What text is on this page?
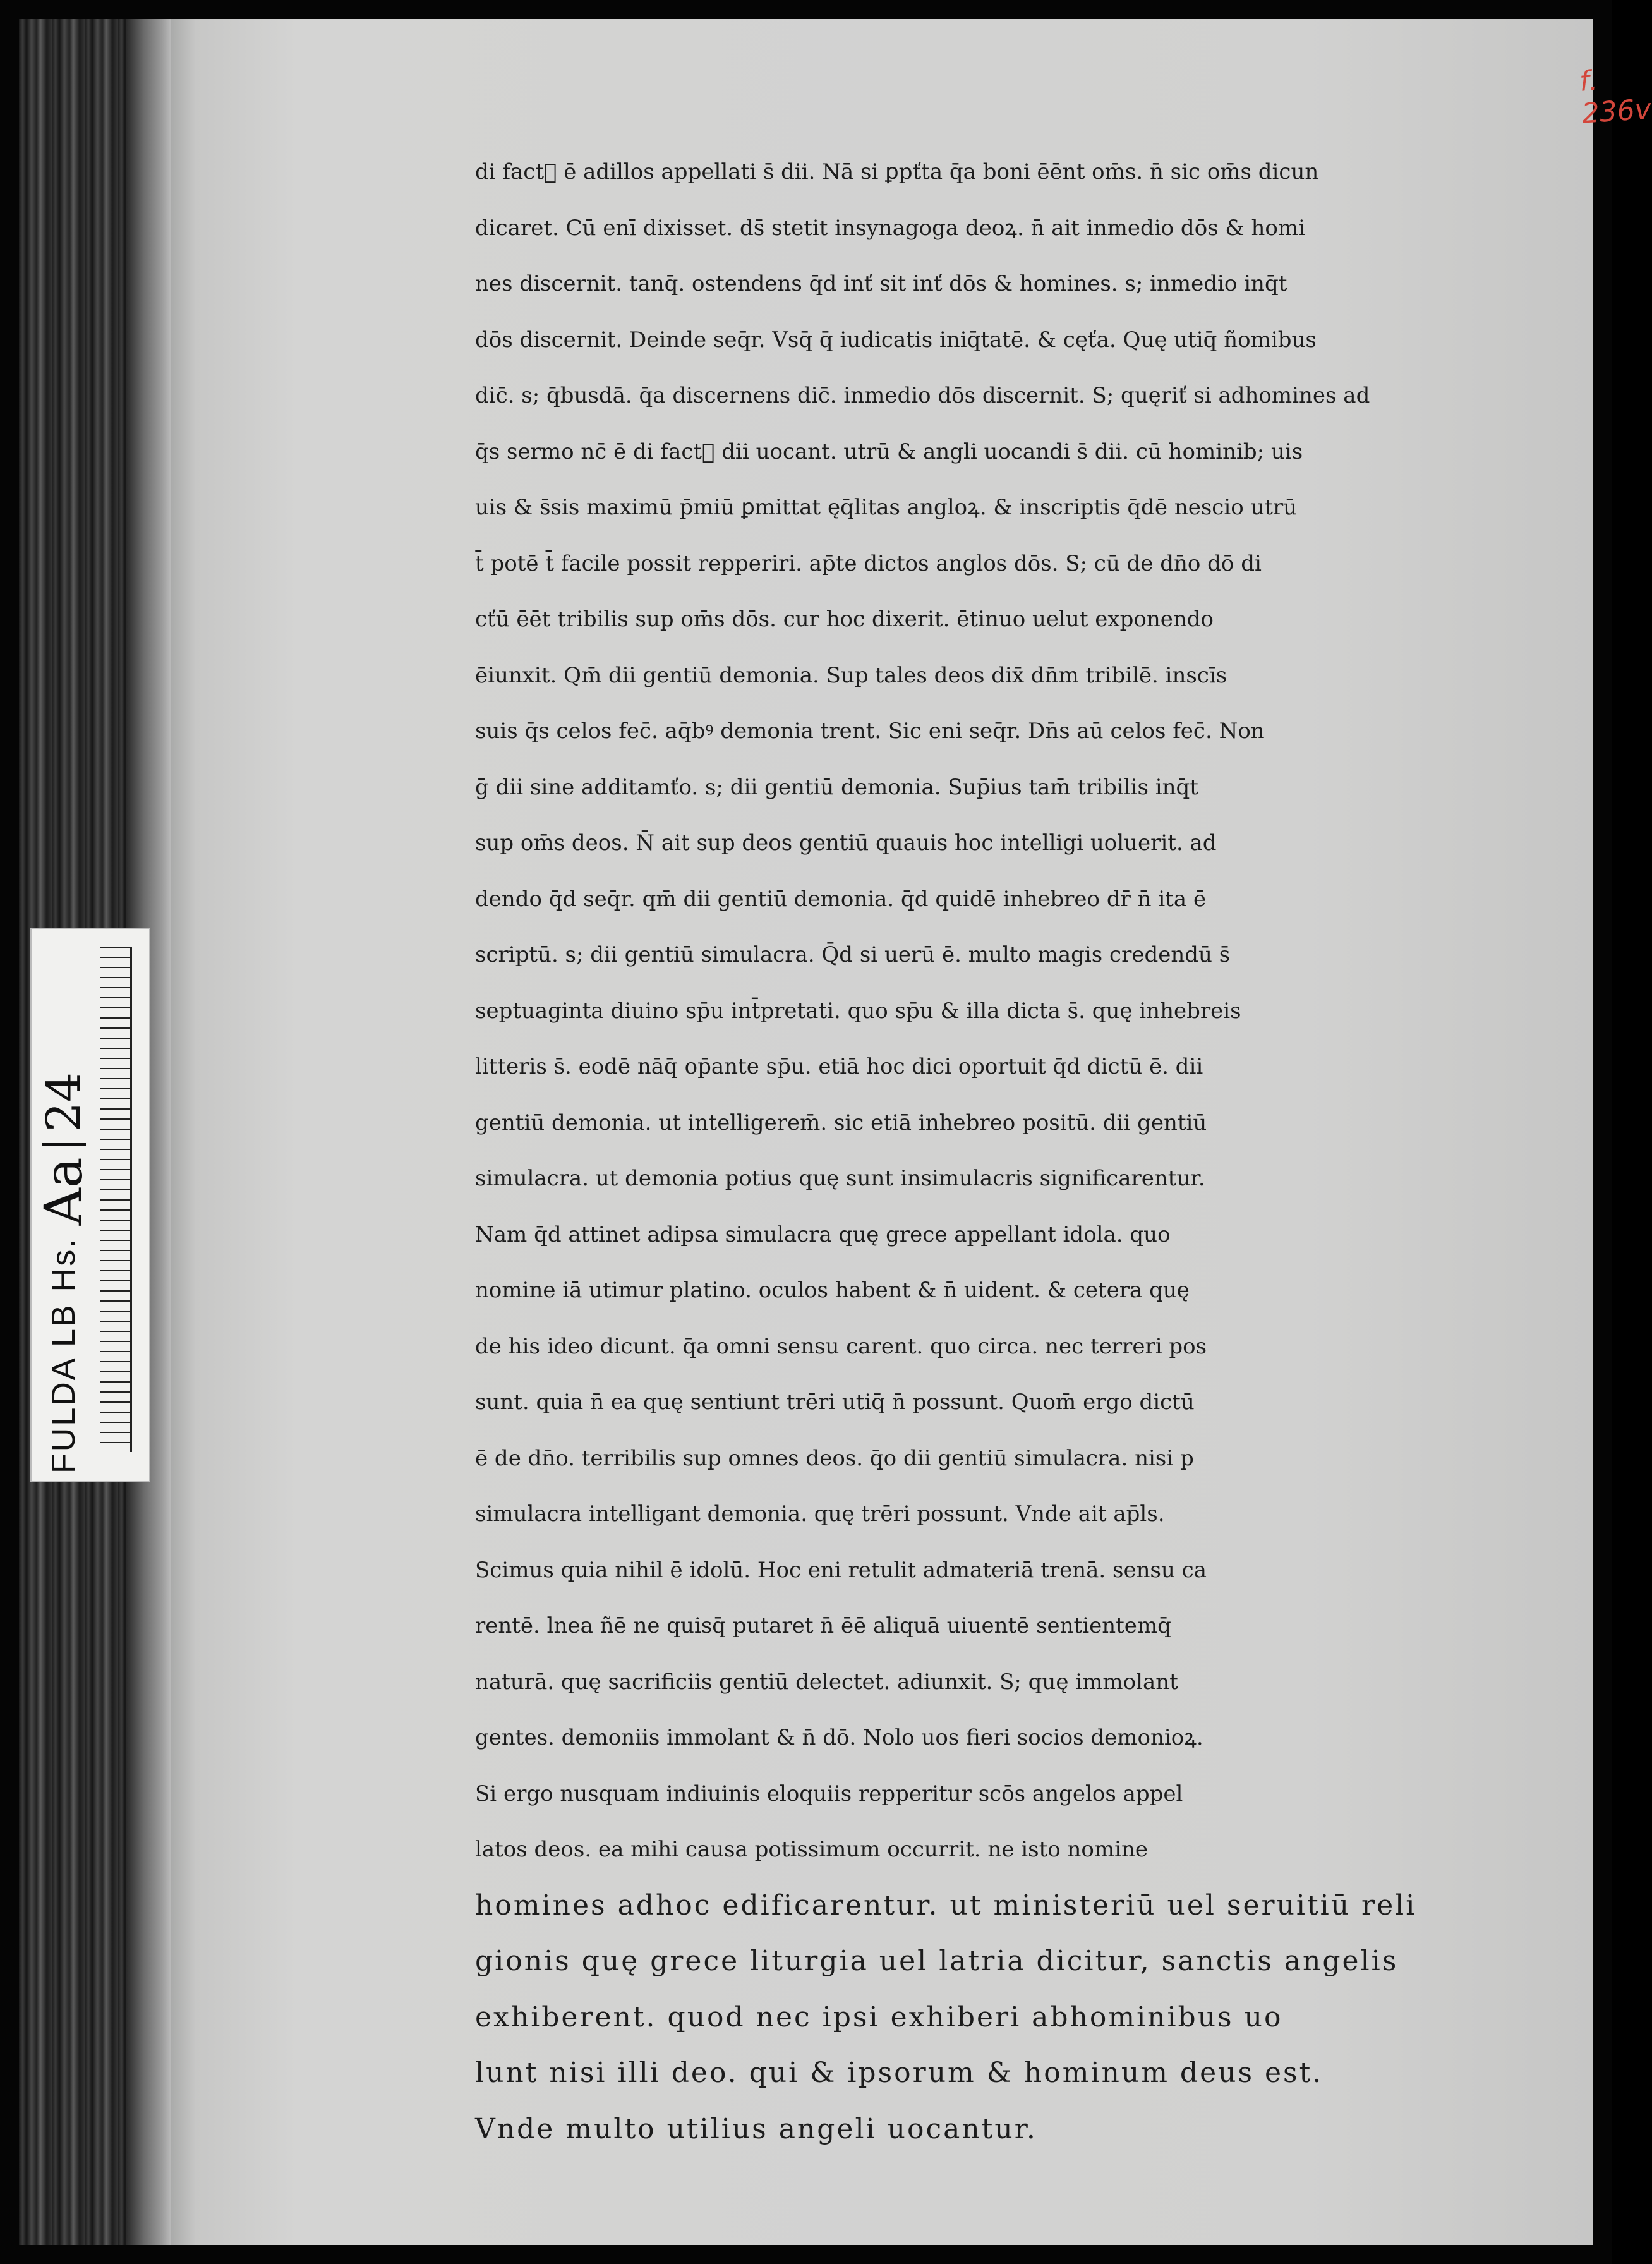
FULDA LB
Hs.
Aa
24
f. 236v
di fact᷒ ē adillos appellati s̄ dii. Nā si ꝑpťta q̄a boni ēēnt om̄s. n̄ sic om̄s dicun
dicaret. Cū enī dixisset. ds̄ stetit insynagoga deoꝝ. n̄ ait inmedio dōs & homi
nes discernit. tanq̄. ostendens q̄d inť sit inť dōs & homines. s; inmedio inq̄t
dōs discernit. Deinde seq̄r. Vsq̄ q̄ iudicatis iniq̄tatē. & cęťa. Quę utiq̄ ñomibus
dic̄. s; q̄busdā. q̄a discernens dic̄. inmedio dōs discernit. S; quęriť si adhomines ad
q̄s sermo nc̄ ē di fact᷒ dii uocant. utrū & angli uocandi s̄ dii. cū hominib; uis
uis & s̄sis maximū p̄miū ꝑmittat ęq̄litas angloꝝ. & inscriptis q̄dē nescio utrū
t̄ potē t̄ facile possit repperiri. ap̄te dictos anglos dōs. S; cū de dn̄o dō di
cťū ēēt tribilis sup om̄s dōs. cur hoc dixerit. ētinuo uelut exponendo
ēiunxit. Qm̄ dii gentiū demonia. Sup tales deos dix̄ dn̄m tribilē. inscīs
suis q̄s celos fec̄. aq̄bꝰ demonia trent. Sic eni seq̄r. Dn̄s aū celos fec̄. Non
ḡ dii sine additamťo. s; dii gentiū demonia. Sup̄ius tam̄ tribilis inq̄t
sup om̄s deos. N̄ ait sup deos gentiū quauis hoc intelligi uoluerit. ad
dendo q̄d seq̄r. qm̄ dii gentiū demonia. q̄d quidē inhebreo dr̄ n̄ ita ē
scriptū. s; dii gentiū simulacra. Q̄d si uerū ē. multo magis credendū s̄
septuaginta diuino sp̄u int̄pretati. quo sp̄u & illa dicta s̄. quę inhebreis
litteris s̄. eodē nāq̄ op̄ante sp̄u. etiā hoc dici oportuit q̄d dictū ē. dii
gentiū demonia. ut intelligerem̄. sic etiā inhebreo positū. dii gentiū
simulacra. ut demonia potius quę sunt insimulacris significarentur.
Nam q̄d attinet adipsa simulacra quę grece appellant idola. quo
nomine iā utimur platino. oculos habent & n̄ uident. & cetera quę
de his ideo dicunt. q̄a omni sensu carent. quo circa. nec terreri pos
sunt. quia n̄ ea quę sentiunt trēri utiq̄ n̄ possunt. Quom̄ ergo dictū
ē de dn̄o. terribilis sup omnes deos. q̄o dii gentiū simulacra. nisi p
simulacra intelligant demonia. quę trēri possunt. Vnde ait ap̄ls.
Scimus quia nihil ē idolū. Hoc eni retulit admateriā trenā. sensu ca
rentē. lnea ñē ne quisq̄ putaret n̄ ēē aliquā uiuentē sentientemq̄
naturā. quę sacrificiis gentiū delectet. adiunxit. S; quę immolant
gentes. demoniis immolant & n̄ dō. Nolo uos fieri socios demonioꝝ.
Si ergo nusquam indiuinis eloquiis repperitur scōs angelos appel
latos deos. ea mihi causa potissimum occurrit. ne isto nomine
homines adhoc edificarentur. ut ministeriū uel seruitiū reli
gionis quę grece liturgia uel latria dicitur, sanctis angelis
exhiberent. quod nec ipsi exhiberi abhominibus uo
lunt nisi illi deo. qui & ipsorum & hominum deus est.
Vnde multo utilius angeli uocantur.
